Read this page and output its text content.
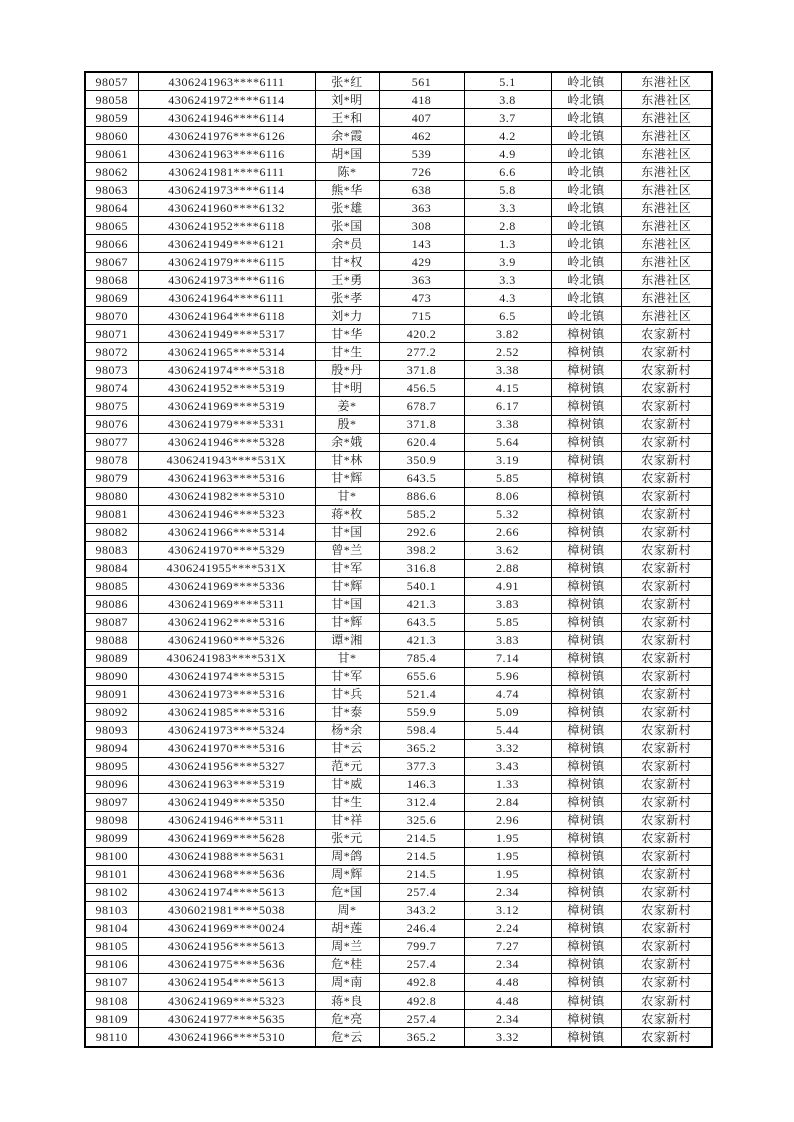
98057	4306241963****6111	张*红	561	5.1	岭北镇	东港社区
98058	4306241972****6114	刘*明	418	3.8	岭北镇	东港社区
98059	4306241946****6114	王*和	407	3.7	岭北镇	东港社区
98060	4306241976****6126	余*霞	462	4.2	岭北镇	东港社区
98061	4306241963****6116	胡*国	539	4.9	岭北镇	东港社区
98062	4306241981****6111	陈*	726	6.6	岭北镇	东港社区
98063	4306241973****6114	熊*华	638	5.8	岭北镇	东港社区
98064	4306241960****6132	张*雄	363	3.3	岭北镇	东港社区
98065	4306241952****6118	张*国	308	2.8	岭北镇	东港社区
98066	4306241949****6121	余*员	143	1.3	岭北镇	东港社区
98067	4306241979****6115	甘*权	429	3.9	岭北镇	东港社区
98068	4306241973****6116	王*勇	363	3.3	岭北镇	东港社区
98069	4306241964****6111	张*孝	473	4.3	岭北镇	东港社区
98070	4306241964****6118	刘*力	715	6.5	岭北镇	东港社区
98071	4306241949****5317	甘*华	420.2	3.82	樟树镇	农家新村
98072	4306241965****5314	甘*生	277.2	2.52	樟树镇	农家新村
98073	4306241974****5318	殷*丹	371.8	3.38	樟树镇	农家新村
98074	4306241952****5319	甘*明	456.5	4.15	樟树镇	农家新村
98075	4306241969****5319	姜*	678.7	6.17	樟树镇	农家新村
98076	4306241979****5331	殷*	371.8	3.38	樟树镇	农家新村
98077	4306241946****5328	余*娥	620.4	5.64	樟树镇	农家新村
98078	4306241943****531X	甘*林	350.9	3.19	樟树镇	农家新村
98079	4306241963****5316	甘*辉	643.5	5.85	樟树镇	农家新村
98080	4306241982****5310	甘*	886.6	8.06	樟树镇	农家新村
98081	4306241946****5323	蒋*枚	585.2	5.32	樟树镇	农家新村
98082	4306241966****5314	甘*国	292.6	2.66	樟树镇	农家新村
98083	4306241970****5329	曾*兰	398.2	3.62	樟树镇	农家新村
98084	4306241955****531X	甘*军	316.8	2.88	樟树镇	农家新村
98085	4306241969****5336	甘*辉	540.1	4.91	樟树镇	农家新村
98086	4306241969****5311	甘*国	421.3	3.83	樟树镇	农家新村
98087	4306241962****5316	甘*辉	643.5	5.85	樟树镇	农家新村
98088	4306241960****5326	谭*湘	421.3	3.83	樟树镇	农家新村
98089	4306241983****531X	甘*	785.4	7.14	樟树镇	农家新村
98090	4306241974****5315	甘*军	655.6	5.96	樟树镇	农家新村
98091	4306241973****5316	甘*兵	521.4	4.74	樟树镇	农家新村
98092	4306241985****5316	甘*泰	559.9	5.09	樟树镇	农家新村
98093	4306241973****5324	杨*余	598.4	5.44	樟树镇	农家新村
98094	4306241970****5316	甘*云	365.2	3.32	樟树镇	农家新村
98095	4306241956****5327	范*元	377.3	3.43	樟树镇	农家新村
98096	4306241963****5319	甘*威	146.3	1.33	樟树镇	农家新村
98097	4306241949****5350	甘*生	312.4	2.84	樟树镇	农家新村
98098	4306241946****5311	甘*祥	325.6	2.96	樟树镇	农家新村
98099	4306241969****5628	张*元	214.5	1.95	樟树镇	农家新村
98100	4306241988****5631	周*鸽	214.5	1.95	樟树镇	农家新村
98101	4306241968****5636	周*辉	214.5	1.95	樟树镇	农家新村
98102	4306241974****5613	危*国	257.4	2.34	樟树镇	农家新村
98103	4306021981****5038	周*	343.2	3.12	樟树镇	农家新村
98104	4306241969****0024	胡*莲	246.4	2.24	樟树镇	农家新村
98105	4306241956****5613	周*兰	799.7	7.27	樟树镇	农家新村
98106	4306241975****5636	危*桂	257.4	2.34	樟树镇	农家新村
98107	4306241954****5613	周*南	492.8	4.48	樟树镇	农家新村
98108	4306241969****5323	蒋*良	492.8	4.48	樟树镇	农家新村
98109	4306241977****5635	危*亮	257.4	2.34	樟树镇	农家新村
98110	4306241966****5310	危*云	365.2	3.32	樟树镇	农家新村
